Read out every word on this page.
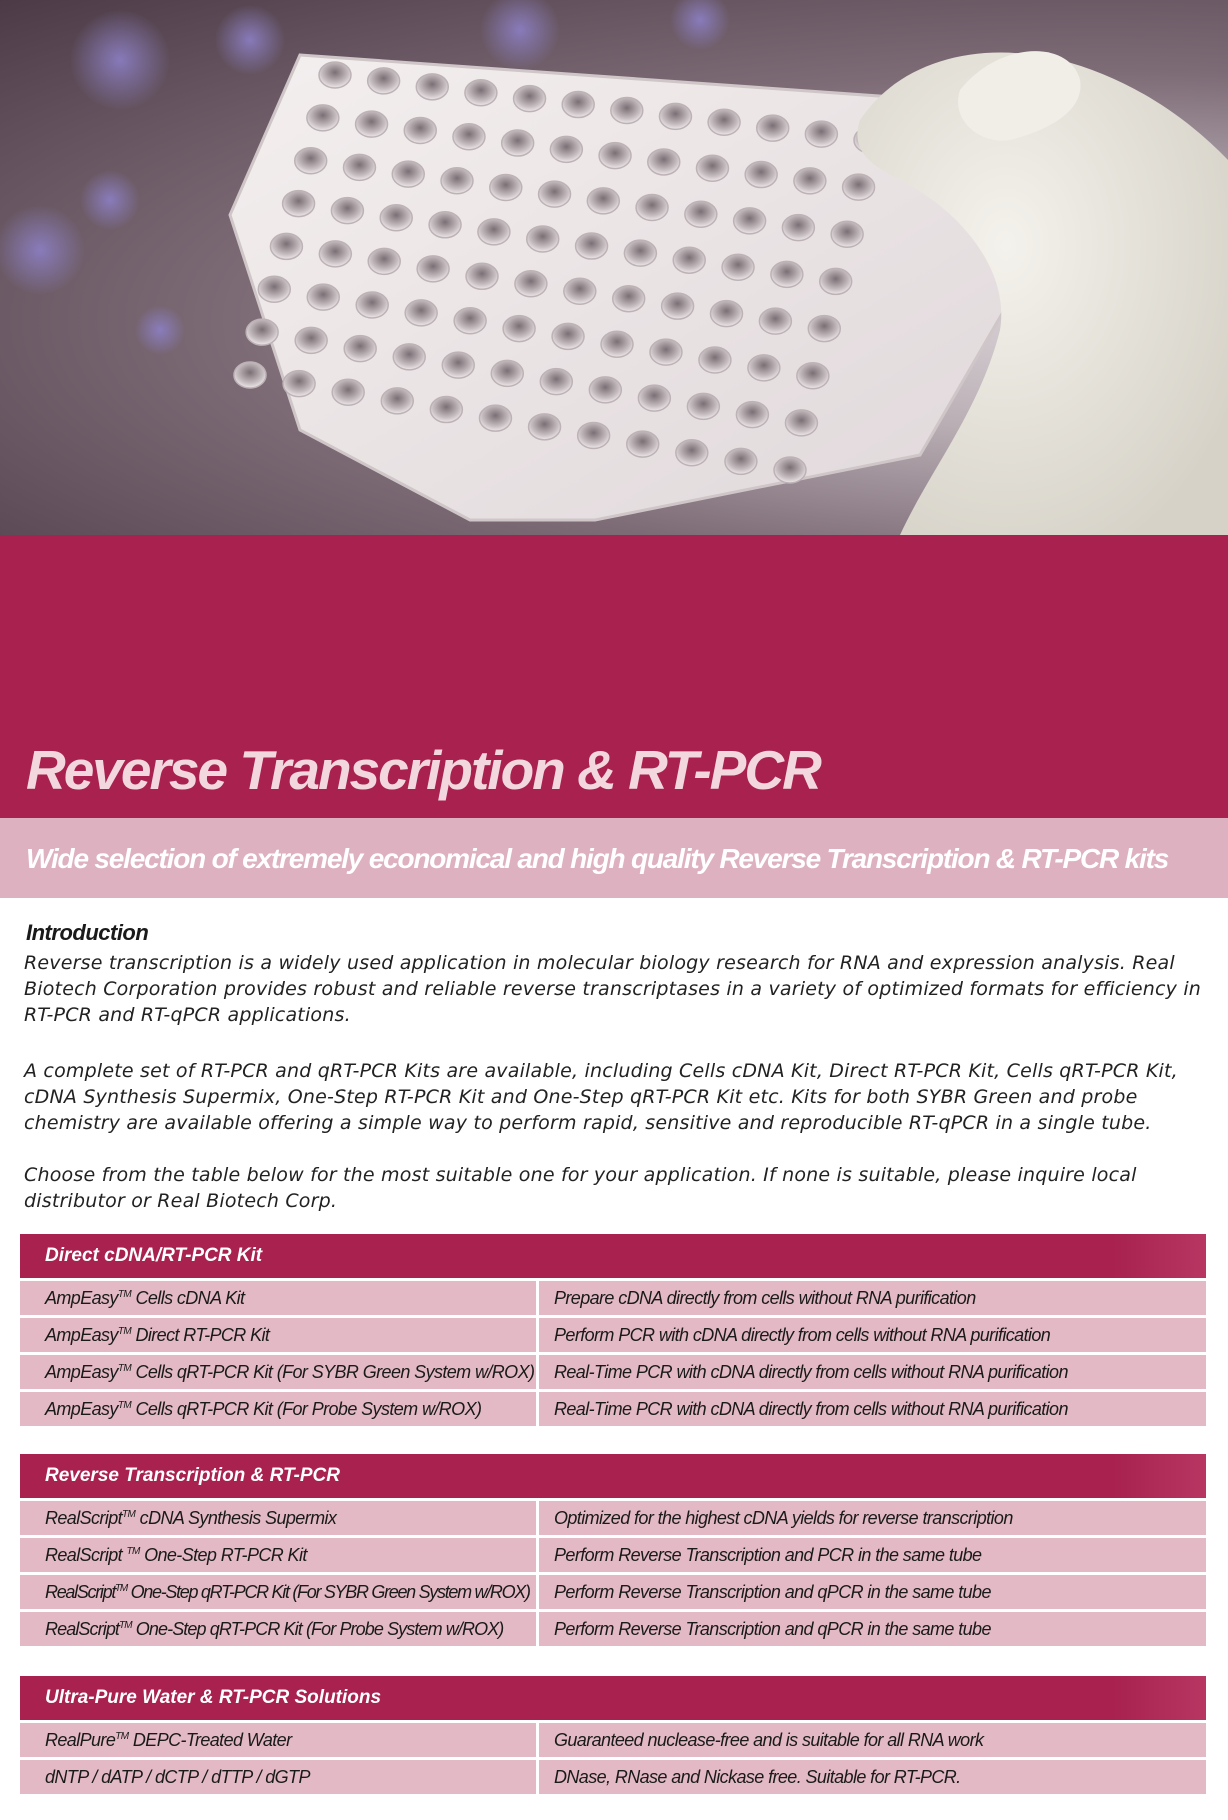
Reverse Transcription & RT-PCR
Wide selection of extremely economical and high quality Reverse Transcription & RT-PCR kits
Introduction

Reverse transcription is a widely used application in molecular biology research for RNA and expression analysis. Real Biotech Corporation provides robust and reliable reverse transcriptases in a variety of optimized formats for efficiency in RT-PCR and RT-qPCR applications.

A complete set of RT-PCR and qRT-PCR Kits are available, including Cells cDNA Kit, Direct RT-PCR Kit, Cells qRT-PCR Kit, cDNA Synthesis Supermix, One-Step RT-PCR Kit and One-Step qRT-PCR Kit etc. Kits for both SYBR Green and probe chemistry are available offering a simple way to perform rapid, sensitive and reproducible RT-qPCR in a single tube.

Choose from the table below for the most suitable one for your application. If none is suitable, please inquire local distributor or Real Biotech Corp.

Direct cDNA/RT-PCR Kit
AmpEasy™ Cells cDNA Kit	Prepare cDNA directly from cells without RNA purification
AmpEasy™ Direct RT-PCR Kit	Perform PCR with cDNA directly from cells without RNA purification
AmpEasy™ Cells qRT-PCR Kit (For SYBR Green System w/ROX)	Real-Time PCR with cDNA directly from cells without RNA purification
AmpEasy™ Cells qRT-PCR Kit (For Probe System w/ROX)	Real-Time PCR with cDNA directly from cells without RNA purification
Reverse Transcription & RT-PCR
RealScript™ cDNA Synthesis Supermix	Optimized for the highest cDNA yields for reverse transcription
RealScript ™ One-Step RT-PCR Kit	Perform Reverse Transcription and PCR in the same tube
RealScript™ One-Step qRT-PCR Kit (For SYBR Green System w/ROX)	Perform Reverse Transcription and qPCR in the same tube
RealScript™ One-Step qRT-PCR Kit (For Probe System w/ROX)	Perform Reverse Transcription and qPCR in the same tube
Ultra-Pure Water & RT-PCR Solutions
RealPure™ DEPC-Treated Water	Guaranteed nuclease-free and is suitable for all RNA work
dNTP / dATP / dCTP / dTTP / dGTP	DNase, RNase and Nickase free. Suitable for RT-PCR.
